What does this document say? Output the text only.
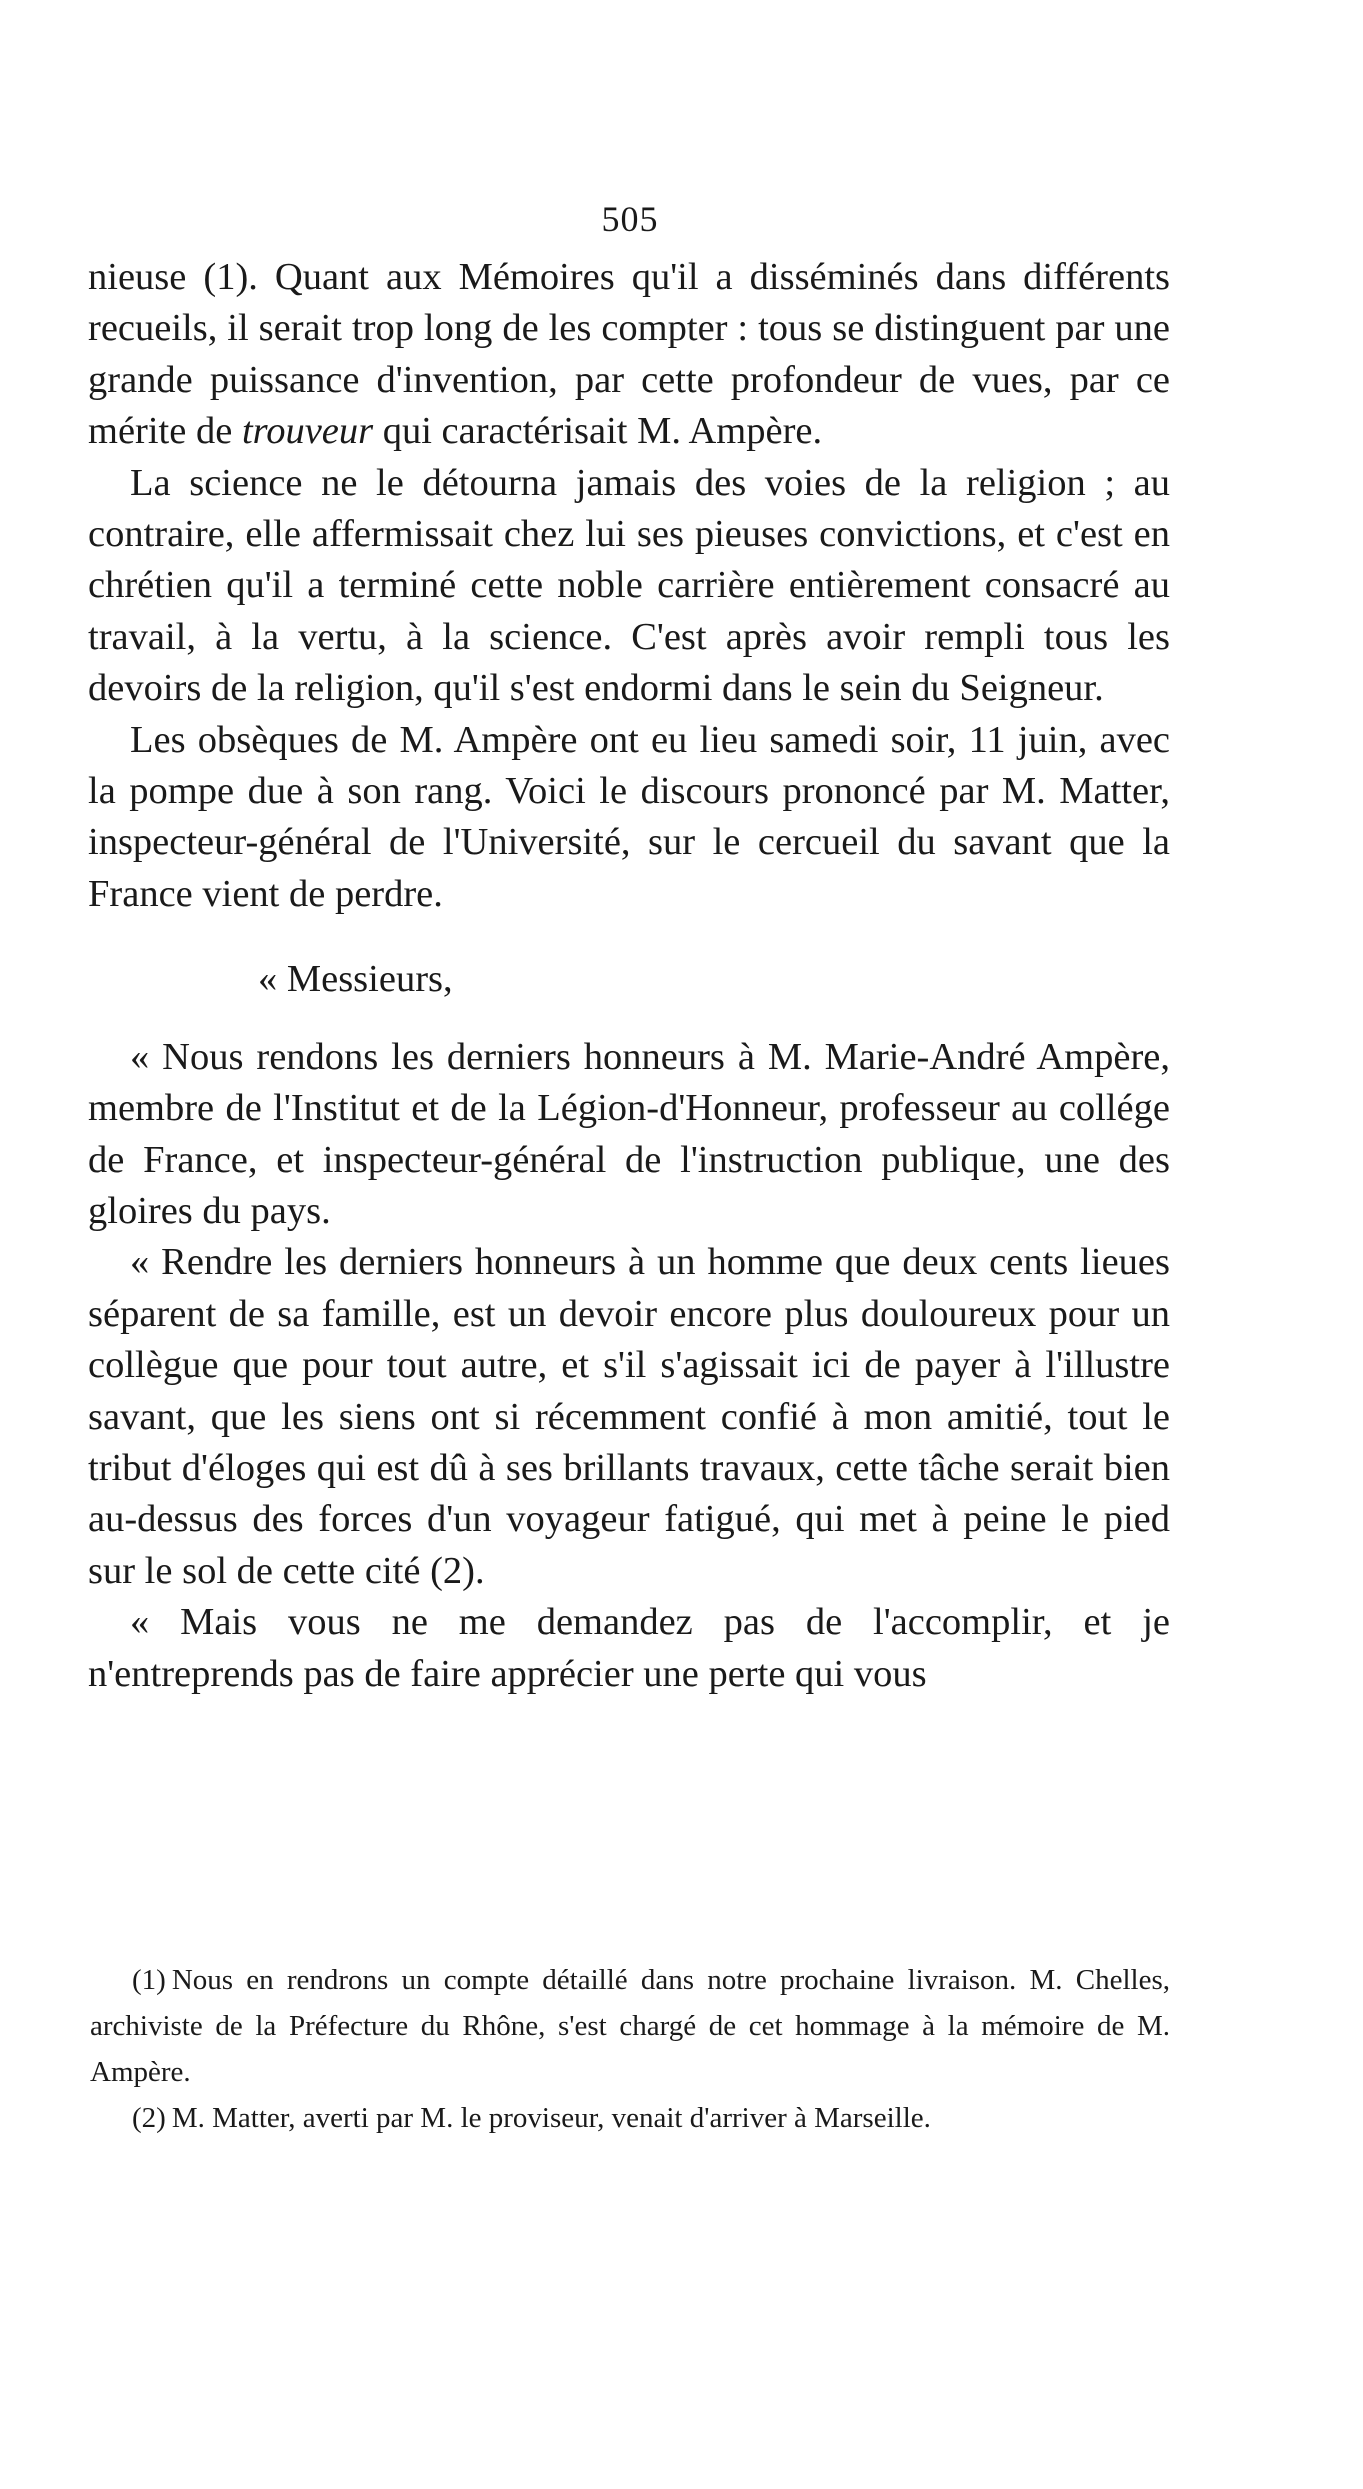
505

nieuse (1). Quant aux Mémoires qu'il a disséminés dans différents recueils, il serait trop long de les compter : tous se distinguent par une grande puissance d'invention, par cette profondeur de vues, par ce mérite de trouveur qui caractérisait M. Ampère.

La science ne le détourna jamais des voies de la religion ; au contraire, elle affermissait chez lui ses pieuses convictions, et c'est en chrétien qu'il a terminé cette noble carrière entièrement consacré au travail, à la vertu, à la science. C'est après avoir rempli tous les devoirs de la religion, qu'il s'est endormi dans le sein du Seigneur.

Les obsèques de M. Ampère ont eu lieu samedi soir, 11 juin, avec la pompe due à son rang. Voici le discours prononcé par M. Matter, inspecteur-général de l'Université, sur le cercueil du savant que la France vient de perdre.

« Messieurs,

« Nous rendons les derniers honneurs à M. Marie-André Ampère, membre de l'Institut et de la Légion-d'Honneur, professeur au collége de France, et inspecteur-général de l'instruction publique, une des gloires du pays.

« Rendre les derniers honneurs à un homme que deux cents lieues séparent de sa famille, est un devoir encore plus douloureux pour un collègue que pour tout autre, et s'il s'agissait ici de payer à l'illustre savant, que les siens ont si récemment confié à mon amitié, tout le tribut d'éloges qui est dû à ses brillants travaux, cette tâche serait bien au-dessus des forces d'un voyageur fatigué, qui met à peine le pied sur le sol de cette cité (2).

« Mais vous ne me demandez pas de l'accomplir, et je n'entreprends pas de faire apprécier une perte qui vous

(1) Nous en rendrons un compte détaillé dans notre prochaine livraison. M. Chelles, archiviste de la Préfecture du Rhône, s'est chargé de cet hommage à la mémoire de M. Ampère.

(2) M. Matter, averti par M. le proviseur, venait d'arriver à Marseille.
